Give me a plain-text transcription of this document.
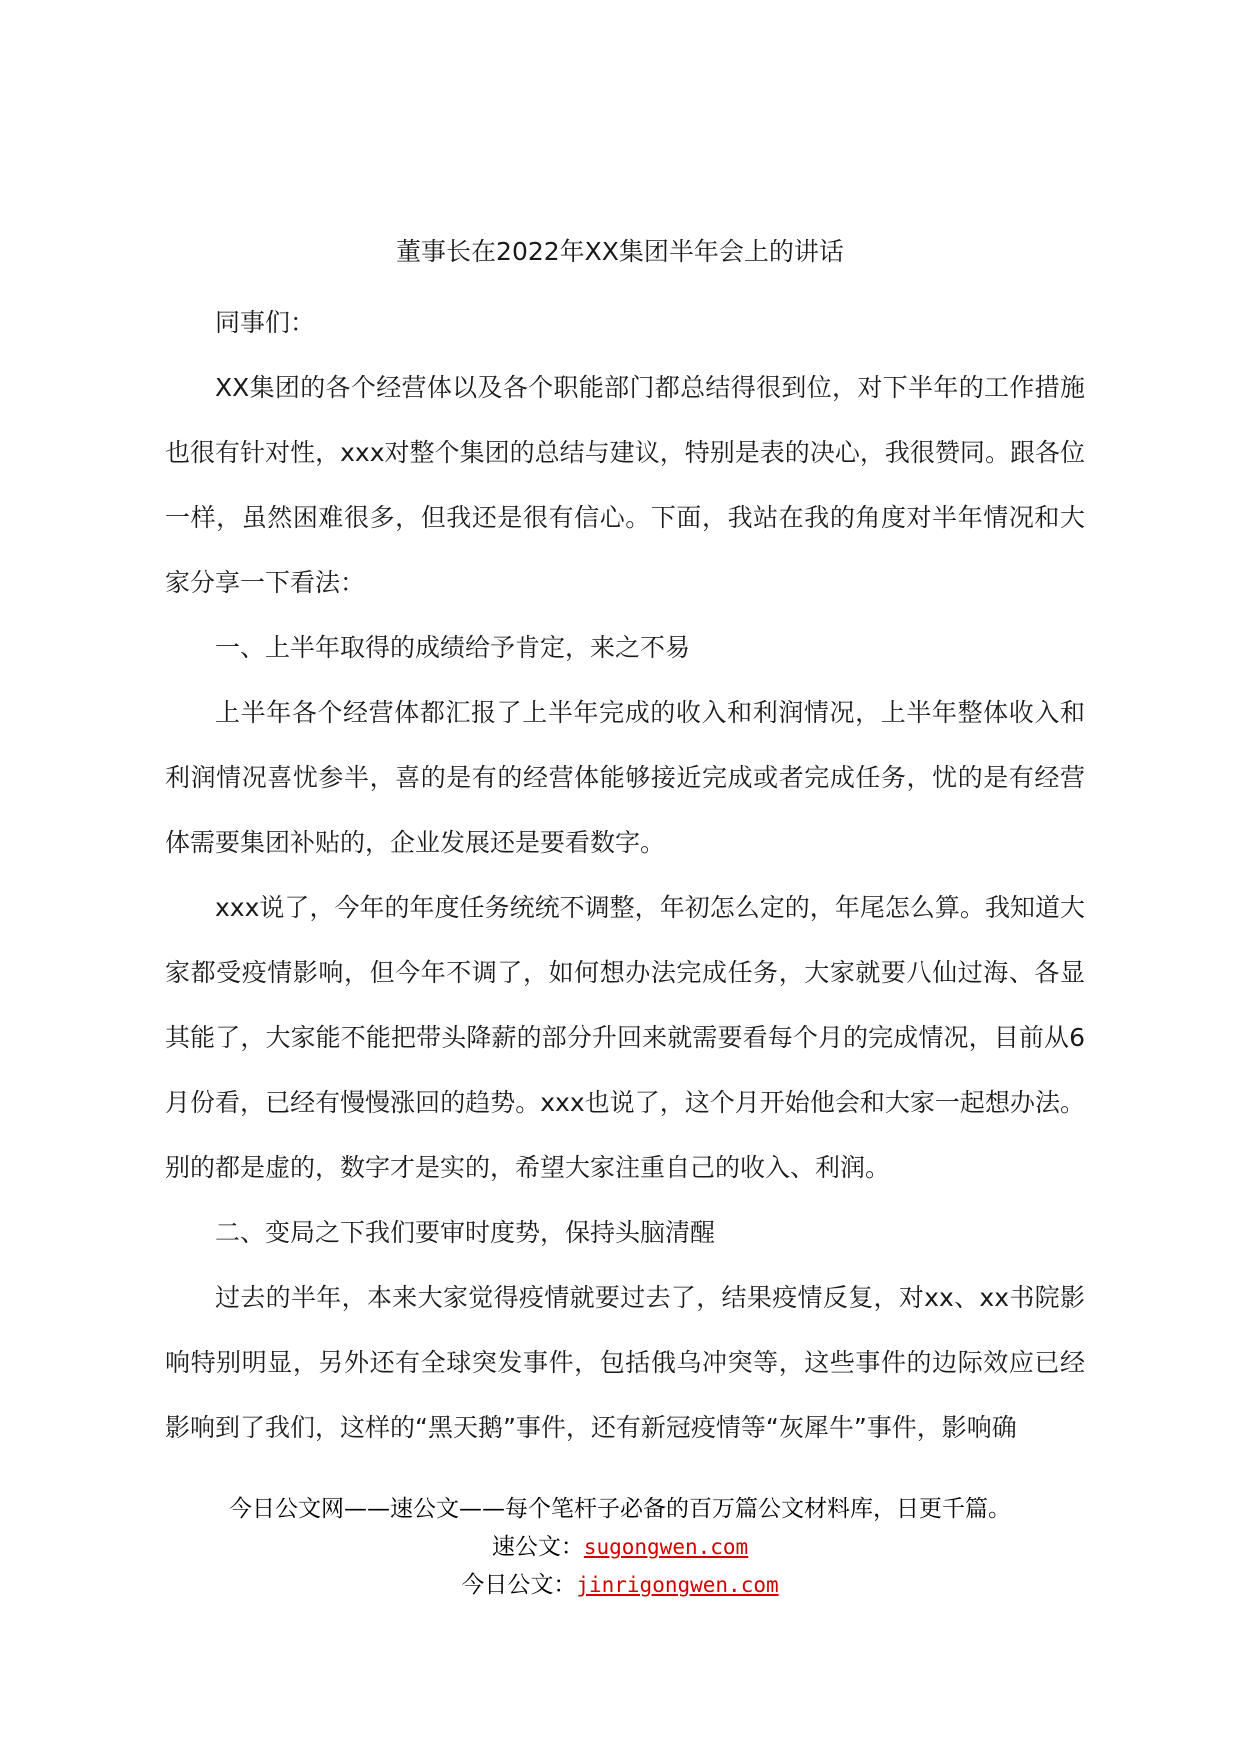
董事长在2022年XX集团半年会上的讲话

同事们：

XX集团的各个经营体以及各个职能部门都总结得很到位，对下半年的工作措施也很有针对性，xxx对整个集团的总结与建议，特别是表的决心，我很赞同。跟各位一样，虽然困难很多，但我还是很有信心。下面，我站在我的角度对半年情况和大家分享一下看法：

一、上半年取得的成绩给予肯定，来之不易

上半年各个经营体都汇报了上半年完成的收入和利润情况，上半年整体收入和利润情况喜忧参半，喜的是有的经营体能够接近完成或者完成任务，忧的是有经营体需要集团补贴的，企业发展还是要看数字。

xxx说了，今年的年度任务统统不调整，年初怎么定的，年尾怎么算。我知道大家都受疫情影响，但今年不调了，如何想办法完成任务，大家就要八仙过海、各显其能了，大家能不能把带头降薪的部分升回来就需要看每个月的完成情况，目前从6月份看，已经有慢慢涨回的趋势。xxx也说了，这个月开始他会和大家一起想办法。别的都是虚的，数字才是实的，希望大家注重自己的收入、利润。

二、变局之下我们要审时度势，保持头脑清醒

过去的半年，本来大家觉得疫情就要过去了，结果疫情反复，对xx、xx书院影响特别明显，另外还有全球突发事件，包括俄乌冲突等，这些事件的边际效应已经影响到了我们，这样的“黑天鹅”事件，还有新冠疫情等“灰犀牛”事件，影响确

今日公文网——速公文——每个笔杆子必备的百万篇公文材料库，日更千篇。

速公文：sugongwen.com

今日公文：jinrigongwen.com
